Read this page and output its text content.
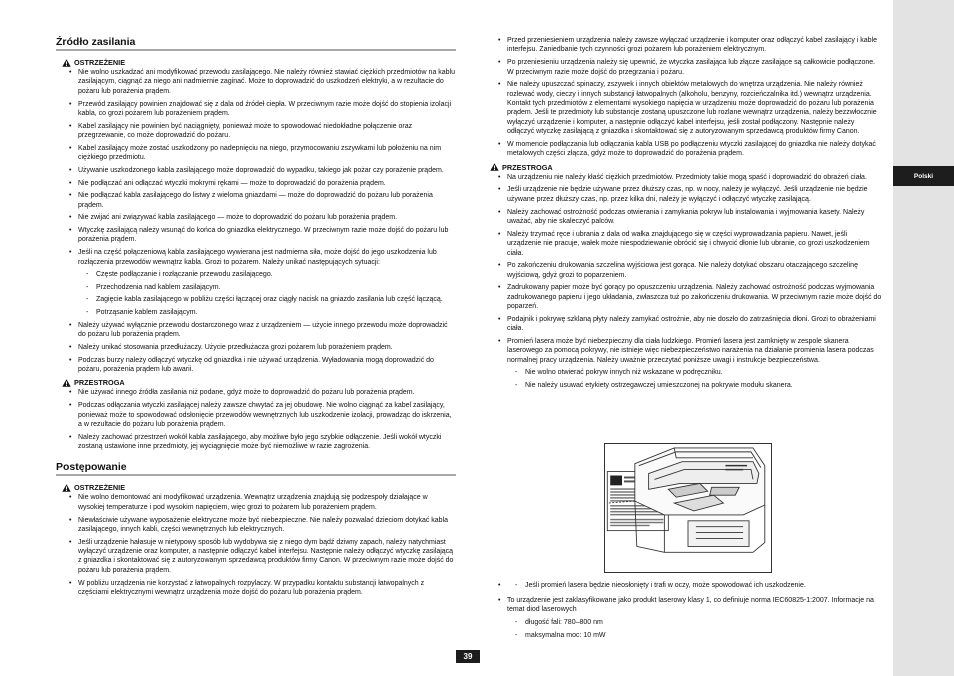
Polski
Źródło zasilania
OSTRZEŻENIE
• Nie wolno uszkadzać ani modyfikować przewodu zasilającego. Nie należy również stawiać ciężkich przedmiotów na kablu zasilającym, ciągnąć za niego ani nadmiernie zaginać. Może to doprowadzić do uszkodzeń elektryki, a w rezultacie do pożaru lub porażenia prądem.
• Przewód zasilający powinien znajdować się z dala od źródeł ciepła. W przeciwnym razie może dojść do stopienia izolacji kabla, co grozi pożarem lub porażeniem prądem.
• Kabel zasilający nie powinien być naciągnięty, ponieważ może to spowodować niedokładne połączenie oraz przegrzewanie, co może doprowadzić do pożaru.
• Kabel zasilający może zostać uszkodzony po nadepnięciu na niego, przymocowaniu zszywkami lub położeniu na nim ciężkiego przedmiotu.
• Używanie uszkodzonego kabla zasilającego może doprowadzić do wypadku, takiego jak pożar czy porażenie prądem.
• Nie podłączać ani odłączać wtyczki mokrymi rękami — może to doprowadzić do porażenia prądem.
• Nie podłączać kabla zasilającego do listwy z wieloma gniazdami — może do doprowadzić do pożaru lub porażenia prądem.
• Nie zwijać ani związywać kabla zasilającego — może to doprowadzić do pożaru lub porażenia prądem.
• Wtyczkę zasilającą należy wsunąć do końca do gniazdka elektrycznego. W przeciwnym razie może dojść do pożaru lub porażenia prądem.
• Jeśli na część połączeniową kabla zasilającego wywierana jest nadmierna siła, może dojść do jego uszkodzenia lub rozłączenia przewodów wewnątrz kabla. Grozi to pożarem. Należy unikać następujących sytuacji:
- Częste podłączanie i rozłączanie przewodu zasilającego.
- Przechodzenia nad kablem zasilającym.
- Zagięcie kabla zasilającego w pobliżu części łączącej oraz ciągły nacisk na gniazdo zasilania lub część łączącą.
- Potrząsanie kablem zasilającym.
• Należy używać wyłącznie przewodu dostarczonego wraz z urządzeniem — użycie innego przewodu może doprowadzić do pożaru lub porażenia prądem.
• Należy unikać stosowania przedłużaczy. Użycie przedłużacza grozi pożarem lub porażeniem prądem.
• Podczas burzy należy odłączyć wtyczkę od gniazdka i nie używać urządzenia. Wyładowania mogą doprowadzić do pożaru, porażenia prądem lub awarii.
PRZESTROGA
• Nie używać innego źródła zasilania niż podane, gdyż może to doprowadzić do pożaru lub porażenia prądem.
• Podczas odłączania wtyczki zasilającej należy zawsze chwytać za jej obudowę. Nie wolno ciągnąć za kabel zasilający, ponieważ może to spowodować odsłonięcie przewodów wewnętrznych lub uszkodzenie izolacji, prowadząc do iskrzenia, a w rezultacie do pożaru lub porażenia prądem.
• Należy zachować przestrzeń wokół kabla zasilającego, aby możliwe było jego szybkie odłączenie. Jeśli wokół wtyczki zostaną ustawione inne przedmioty, jej wyciągnięcie może być niemożliwe w razie zagrożenia.
Postępowanie
OSTRZEŻENIE
• Nie wolno demontować ani modyfikować urządzenia. Wewnątrz urządzenia znajdują się podzespoły działające w wysokiej temperaturze i pod wysokim napięciem, więc grozi to pożarem lub porażeniem prądem.
• Niewłaściwie używane wyposażenie elektryczne może być niebezpieczne. Nie należy pozwalać dzieciom dotykać kabla zasilającego, innych kabli, części wewnętrznych lub elektrycznych.
• Jeśli urządzenie hałasuje w nietypowy sposób lub wydobywa się z niego dym bądź dziwny zapach, należy natychmiast wyłączyć urządzenie oraz komputer, a następnie odłączyć kabel interfejsu. Następnie należy odłączyć wtyczkę zasilającą z gniazdka i skontaktować się z autoryzowanym sprzedawcą produktów firmy Canon. W przeciwnym razie może dojść do pożaru lub porażenia prądem.
• W pobliżu urządzenia nie korzystać z łatwopalnych rozpylaczy. W przypadku kontaktu substancji łatwopalnych z częściami elektrycznymi wewnątrz urządzenia może dojść do pożaru lub porażenia prądem.
• Przed przeniesieniem urządzenia należy zawsze wyłączać urządzenie i komputer oraz odłączyć kabel zasilający i kable interfejsu. Zaniedbanie tych czynności grozi pożarem lub porażeniem elektrycznym.
• Po przeniesieniu urządzenia należy się upewnić, że wtyczka zasilająca lub złącze zasilające są całkowicie podłączone. W przeciwnym razie może dojść do przegrzania i pożaru.
• Nie należy upuszczać spinaczy, zszywek i innych obiektów metalowych do wnętrza urządzenia. Nie należy również rozlewać wody, cieczy i innych substancji łatwopalnych (alkoholu, benzyny, rozcieńczalnika itd.) wewnątrz urządzenia. Kontakt tych przedmiotów z elementami wysokiego napięcia w urządzeniu może doprowadzić do pożaru lub porażenia prądem. Jeśli te przedmioty lub substancje zostaną upuszczone lub rozlane wewnątrz urządzenia, należy bezzwłocznie wyłączyć urządzenie i komputer, a następnie odłączyć kabel interfejsu, jeśli został podłączony. Następnie należy odłączyć wtyczkę zasilającą z gniazdka i skontaktować się z autoryzowanym sprzedawcą produktów firmy Canon.
• W momencie podłączania lub odłączania kabla USB po podłączeniu wtyczki zasilającej do gniazdka nie należy dotykać metalowych części złącza, gdyż może to doprowadzić do porażenia prądem.
PRZESTROGA
• Na urządzeniu nie należy kłaść ciężkich przedmiotów. Przedmioty takie mogą spaść i doprowadzić do obrażeń ciała.
• Jeśli urządzenie nie będzie używane przez dłuższy czas, np. w nocy, należy je wyłączyć. Jeśli urządzenie nie będzie używane przez dłuższy czas, np. przez kilka dni, należy je wyłączyć i odłączyć wtyczkę zasilającą.
• Należy zachować ostrożność podczas otwierania i zamykania pokryw lub instalowania i wyjmowania kasety. Należy uważać, aby nie skaleczyć palców.
• Należy trzymać ręce i ubrania z dala od wałka znajdującego się w części wyprowadzania papieru. Nawet, jeśli urządzenie nie pracuje, wałek może niespodziewanie obrócić się i chwycić dłonie lub ubranie, co grozi uszkodzeniem ciała.
• Po zakończeniu drukowania szczelina wyjściowa jest gorąca. Nie należy dotykać obszaru otaczającego szczelinę wyjściową, gdyż grozi to poparzeniem.
• Zadrukowany papier może być gorący po opuszczeniu urządzenia. Należy zachować ostrożność podczas wyjmowania zadrukowanego papieru i jego układania, zwłaszcza tuż po zakończeniu drukowania. W przeciwnym razie może dojść do poparzeń.
• Podajnik i pokrywę szklaną płyty należy zamykać ostrożnie, aby nie doszło do zatrzaśnięcia dłoni. Grozi to obrażeniami ciała.
• Promień lasera może być niebezpieczny dla ciała ludzkiego. Promień lasera jest zamknięty w zespole skanera laserowego za pomocą pokrywy, nie istnieje więc niebezpieczeństwo narażenia na działanie promienia lasera podczas normalnej pracy urządzenia. Należy uważnie przeczytać poniższe uwagi i instrukcje bezpieczeństwa.
- Nie wolno otwierać pokryw innych niż wskazane w podręczniku.
- Nie należy usuwać etykiety ostrzegawczej umieszczonej na pokrywie modułu skanera.
- • Jeśli promień lasera będzie nieosłonięty i trafi w oczy, może spowodować ich uszkodzenie.
• To urządzenie jest zaklasyfikowane jako produkt laserowy klasy 1, co definiuje norma IEC60825-1:2007. Informacje na temat diod laserowych
- długość fali: 780–800 nm
- maksymalna moc: 10 mW
39
